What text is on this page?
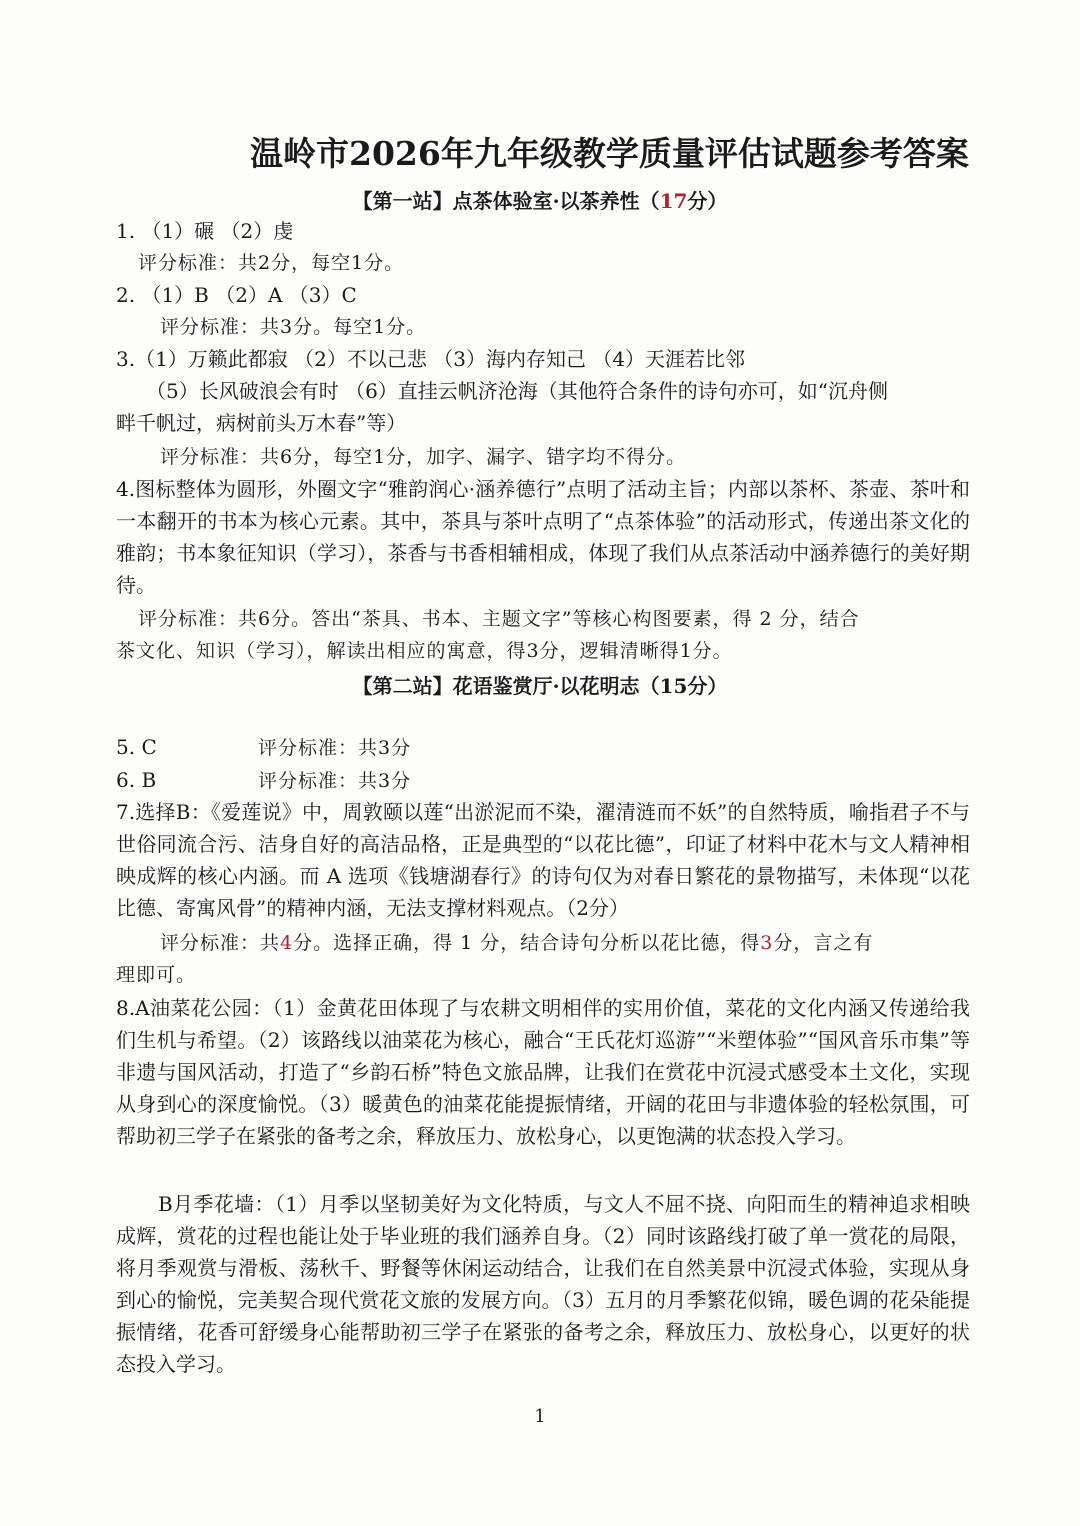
温岭市2026年九年级教学质量评估试题参考答案
【第一站】点茶体验室·以茶养性（17分）
1. （1）碾 （2）虔
评分标准：共2分，每空1分。
2. （1）B （2）A （3）C
评分标准：共3分。每空1分。
3.（1）万籁此都寂 （2）不以己悲 （3）海内存知己 （4）天涯若比邻
（5）长风破浪会有时 （6）直挂云帆济沧海（其他符合条件的诗句亦可，如“沉舟侧
畔千帆过，病树前头万木春”等）
评分标准：共6分，每空1分，加字、漏字、错字均不得分。
4.图标整体为圆形，外圈文字“雅韵润心·涵养德行”点明了活动主旨；内部以茶杯、茶壶、茶叶和一本翻开的书本为核心元素。其中，茶具与茶叶点明了“点茶体验”的活动形式，传递出茶文化的雅韵；书本象征知识（学习），茶香与书香相辅相成，体现了我们从点茶活动中涵养德行的美好期待。
评分标准：共6分。答出“茶具、书本、主题文字”等核心构图要素，得 2 分，结合
茶文化、知识（学习），解读出相应的寓意，得3分，逻辑清晰得1分。
【第二站】花语鉴赏厅·以花明志（15分）
5. C	评分标准：共3分
6. B	评分标准：共3分
7.选择B：《爱莲说》中，周敦颐以莲“出淤泥而不染，濯清涟而不妖”的自然特质，喻指君子不与世俗同流合污、洁身自好的高洁品格，正是典型的“以花比德”，印证了材料中花木与文人精神相映成辉的核心内涵。而 A 选项《钱塘湖春行》的诗句仅为对春日繁花的景物描写，未体现“以花比德、寄寓风骨”的精神内涵，无法支撑材料观点。（2分）
评分标准：共4分。选择正确，得 1 分，结合诗句分析以花比德，得3分，言之有
理即可。
8.A油菜花公园：（1）金黄花田体现了与农耕文明相伴的实用价值，菜花的文化内涵又传递给我们生机与希望。（2）该路线以油菜花为核心，融合“王氏花灯巡游”“米塑体验”“国风音乐市集”等非遗与国风活动，打造了“乡韵石桥”特色文旅品牌，让我们在赏花中沉浸式感受本土文化，实现从身到心的深度愉悦。（3）暖黄色的油菜花能提振情绪，开阔的花田与非遗体验的轻松氛围，可帮助初三学子在紧张的备考之余，释放压力、放松身心，以更饱满的状态投入学习。
B月季花墙：（1）月季以坚韧美好为文化特质，与文人不屈不挠、向阳而生的精神追求相映成辉，赏花的过程也能让处于毕业班的我们涵养自身。（2）同时该路线打破了单一赏花的局限，将月季观赏与滑板、荡秋千、野餐等休闲运动结合，让我们在自然美景中沉浸式体验，实现从身到心的愉悦，完美契合现代赏花文旅的发展方向。（3）五月的月季繁花似锦，暖色调的花朵能提振情绪，花香可舒缓身心能帮助初三学子在紧张的备考之余，释放压力、放松身心，以更好的状态投入学习。
1
